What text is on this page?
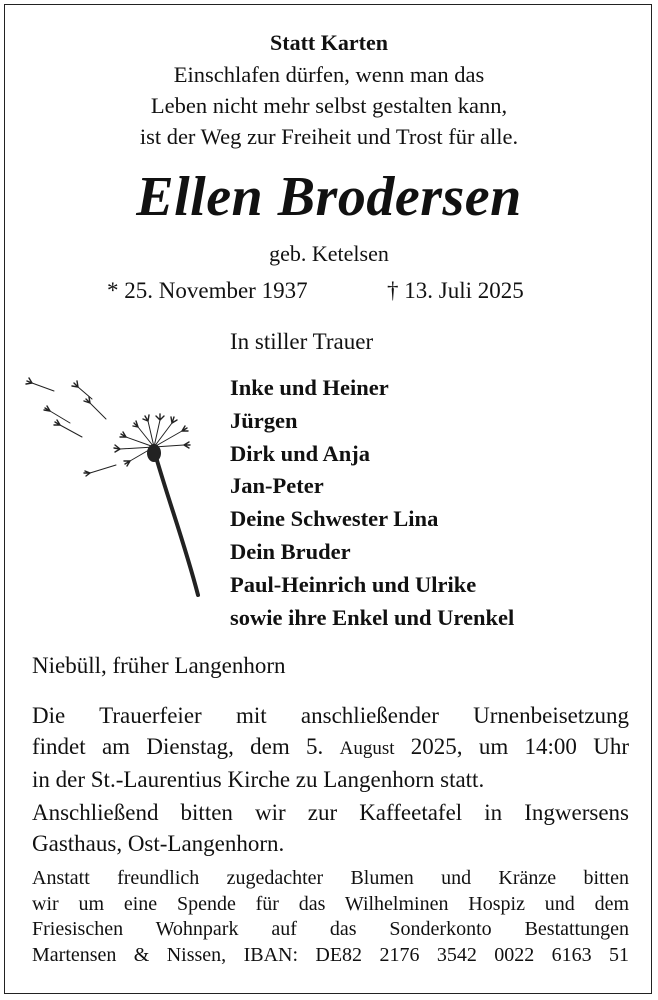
Statt Karten
Einschlafen dürfen, wenn man das
Leben nicht mehr selbst gestalten kann,
ist der Weg zur Freiheit und Trost für alle.
Ellen Brodersen
geb. Ketelsen
* 25. November 1937	† 13. Juli 2025
In stiller Trauer
Inke und Heiner
Jürgen
Dirk und Anja
Jan-Peter
Deine Schwester Lina
Dein Bruder
Paul-Heinrich und Ulrike
sowie ihre Enkel und Urenkel
Niebüll, früher Langenhorn
Die Trauerfeier mit anschließender Urnenbeisetzung
findet am Dienstag, dem 5. August 2025, um 14:00 Uhr
in der St.-Laurentius Kirche zu Langenhorn statt.
Anschließend bitten wir zur Kaffeetafel in Ingwersens
Gasthaus, Ost-Langenhorn.
Anstatt freundlich zugedachter Blumen und Kränze bitten
wir um eine Spende für das Wilhelminen Hospiz und dem
Friesischen Wohnpark auf das Sonderkonto Bestattungen
Martensen & Nissen, IBAN: DE82 2176 3542 0022 6163 51
